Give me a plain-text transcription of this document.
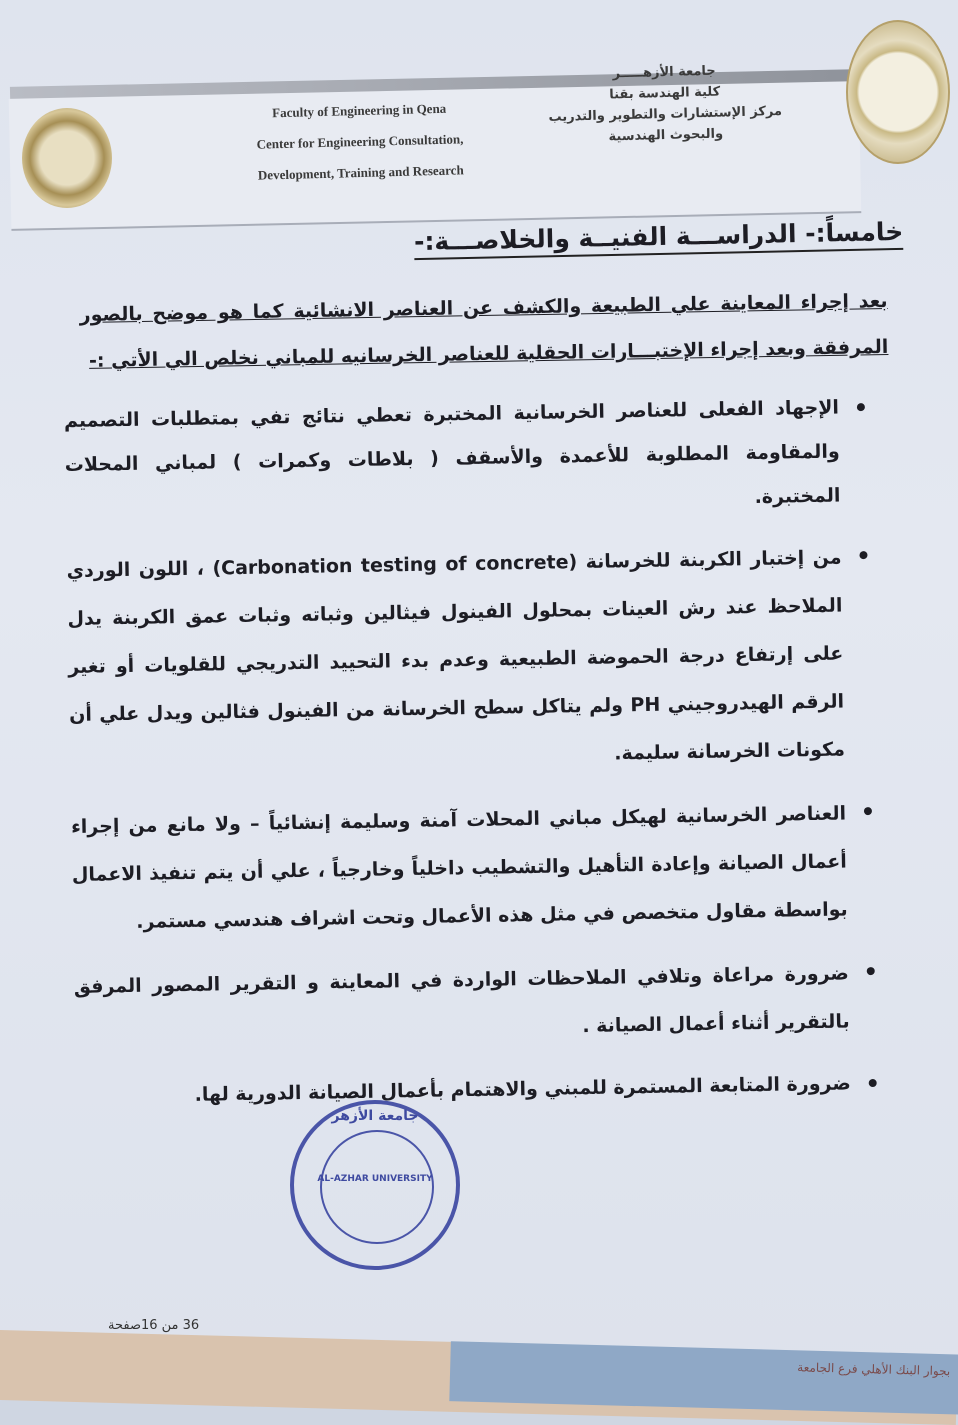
Faculty of Engineering in Qena
Center for Engineering Consultation,
Development, Training and Research
جامعة الأزهـــــر
كلية الهندسة بقنا
مركز الإستشارات والتطوير والتدريب
والبحوث الهندسية
خامساً:- الدراســـة الفنيــة والخلاصـــة:-
بعد إجراء المعاينة علي الطبيعة والكشف عن العناصر الانشائية كما هو موضح بالصور المرفقة وبعد إجراء الإختبـــارات الحقلية للعناصر الخرسانيه للمباني نخلص الي الأتي :-
الإجهاد الفعلى للعناصر الخرسانية المختبرة تعطي نتائج تفي بمتطلبات التصميم والمقاومة المطلوبة للأعمدة والأسقف ( بلاطات وكمرات ) لمباني المحلات المختبرة.
من إختبار الكربنة للخرسانة (Carbonation testing of concrete) ، اللون الوردي الملاحظ عند رش العينات بمحلول الفينول فيثالين وثباته وثبات عمق الكربنة يدل على إرتفاع درجة الحموضة الطبيعية وعدم بدء التحييد التدريجي للقلويات أو تغير الرقم الهيدروجيني PH ولم يتاكل سطح الخرسانة من الفينول فثالين ويدل علي أن مكونات الخرسانة سليمة.
العناصر الخرسانية لهيكل مباني المحلات آمنة وسليمة إنشائياً – ولا مانع من إجراء أعمال الصيانة وإعادة التأهيل والتشطيب داخلياً وخارجياً ، علي أن يتم تنفيذ الاعمال بواسطة مقاول متخصص في مثل هذه الأعمال وتحت اشراف هندسي مستمر.
ضرورة مراعاة وتلافي الملاحظات الواردة في المعاينة و التقرير المصور المرفق بالتقرير أثناء أعمال الصيانة .
ضرورة المتابعة المستمرة للمبني والاهتمام بأعمال الصيانة الدورية لها.
جامعة الأزهر
AL-AZHAR UNIVERSITY
36 من 16صفحة
بجوار البنك الأهلي فرع الجامعة
